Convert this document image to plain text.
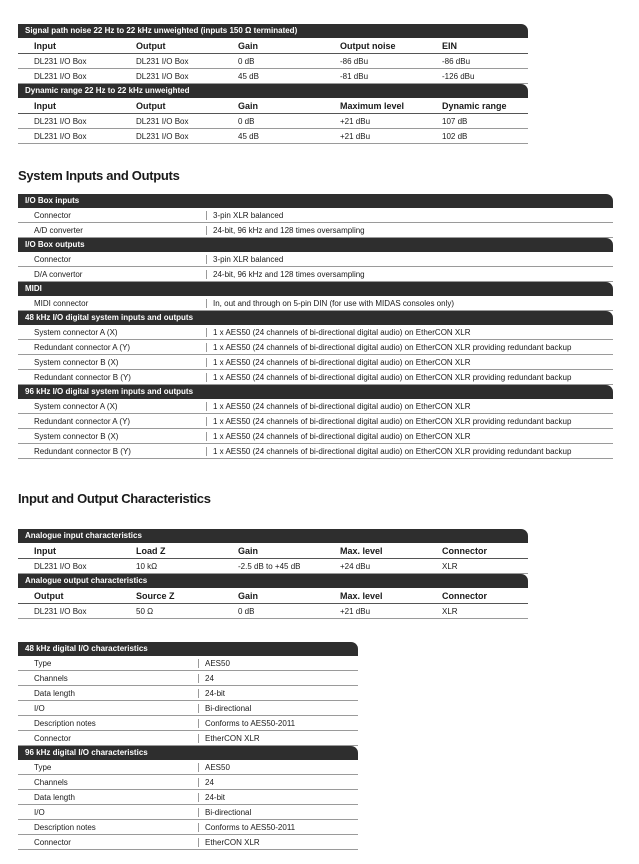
Signal path noise 22 Hz to 22 kHz unweighted (inputs 150 Ω terminated)
Input	Output	Gain	Output noise	EIN
DL231 I/O Box	DL231 I/O Box	0 dB	-86 dBu	-86 dBu
DL231 I/O Box	DL231 I/O Box	45 dB	-81 dBu	-126 dBu
Dynamic range 22 Hz to 22 kHz unweighted
Input	Output	Gain	Maximum level	Dynamic range
DL231 I/O Box	DL231 I/O Box	0 dB	+21 dBu	107 dB
DL231 I/O Box	DL231 I/O Box	45 dB	+21 dBu	102 dB
System Inputs and Outputs
I/O Box inputs
Connector	3-pin XLR balanced
A/D converter	24-bit, 96 kHz and 128 times oversampling
I/O Box outputs
Connector	3-pin XLR balanced
D/A convertor	24-bit, 96 kHz and 128 times oversampling
MIDI
MIDI connector	In, out and through on 5-pin DIN (for use with MIDAS consoles only)
48 kHz I/O digital system inputs and outputs
System connector A (X)	1 x AES50 (24 channels of bi-directional digital audio) on EtherCON XLR
Redundant connector A (Y)	1 x AES50 (24 channels of bi-directional digital audio) on EtherCON XLR providing redundant backup
System connector B (X)	1 x AES50 (24 channels of bi-directional digital audio) on EtherCON XLR
Redundant connector B (Y)	1 x AES50 (24 channels of bi-directional digital audio) on EtherCON XLR providing redundant backup
96 kHz I/O digital system inputs and outputs
System connector A (X)	1 x AES50 (24 channels of bi-directional digital audio) on EtherCON XLR
Redundant connector A (Y)	1 x AES50 (24 channels of bi-directional digital audio) on EtherCON XLR providing redundant backup
System connector B (X)	1 x AES50 (24 channels of bi-directional digital audio) on EtherCON XLR
Redundant connector B (Y)	1 x AES50 (24 channels of bi-directional digital audio) on EtherCON XLR providing redundant backup
Input and Output Characteristics
Analogue input characteristics
Input	Load Z	Gain	Max. level	Connector
DL231 I/O Box	10 kΩ	-2.5 dB to +45 dB	+24 dBu	XLR
Analogue output characteristics
Output	Source Z	Gain	Max. level	Connector
DL231 I/O Box	50 Ω	0 dB	+21 dBu	XLR
48 kHz digital I/O characteristics
Type	AES50
Channels	24
Data length	24-bit
I/O	Bi-directional
Description notes	Conforms to AES50-2011
Connector	EtherCON XLR
96 kHz digital I/O characteristics
Type	AES50
Channels	24
Data length	24-bit
I/O	Bi-directional
Description notes	Conforms to AES50-2011
Connector	EtherCON XLR
